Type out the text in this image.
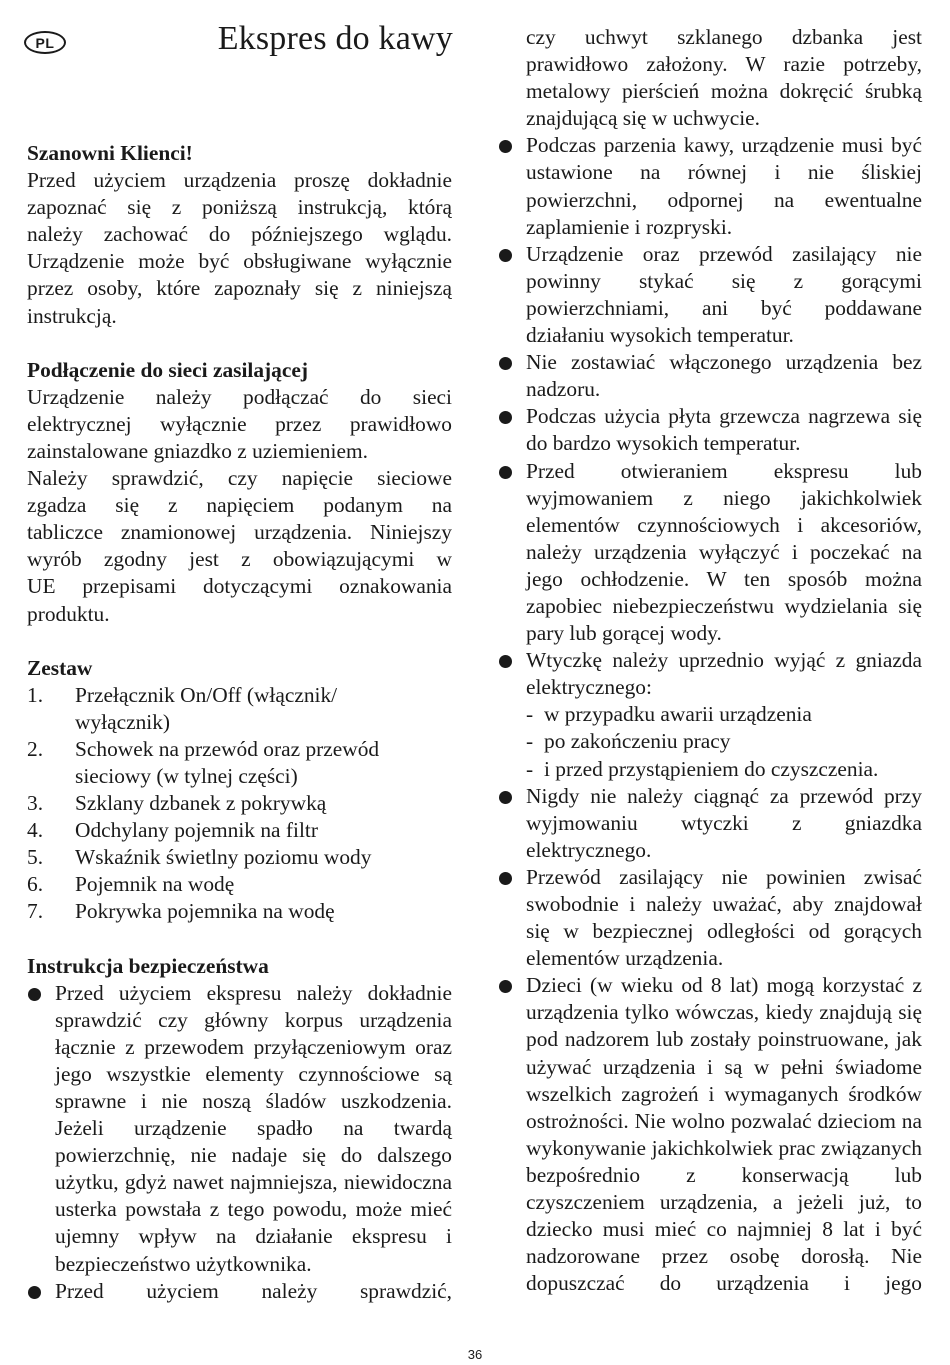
PL	Ekspres do kawy
Szanowni Klienci!
Przed użyciem urządzenia proszę dokładnie
zapoznać się z poniższą instrukcją, którą
należy zachować do późniejszego wglądu.
Urządzenie może być obsługiwane wyłącznie
przez osoby, które zapoznały się z niniejszą
instrukcją.
Podłączenie do sieci zasilającej
Urządzenie należy podłączać do sieci
elektrycznej wyłącznie przez prawidłowo
zainstalowane gniazdko z uziemieniem.
Należy sprawdzić, czy napięcie sieciowe
zgadza się z napięciem podanym na
tabliczce znamionowej urządzenia. Niniejszy
wyrób zgodny jest z obowiązującymi w
UE przepisami dotyczącymi oznakowania
produktu.
Zestaw
1.	Przełącznik On/Off (włącznik/ wyłącznik)
2.	Schowek na przewód oraz przewód sieciowy (w tylnej części)
3.	Szklany dzbanek z pokrywką
4.	Odchylany pojemnik na filtr
5.	Wskaźnik świetlny poziomu wody
6.	Pojemnik na wodę
7.	Pokrywka pojemnika na wodę
Instrukcja bezpieczeństwa
Przed użyciem ekspresu należy dokładnie sprawdzić czy główny korpus urządzenia łącznie z przewodem przyłączeniowym oraz jego wszystkie elementy czynnościowe są sprawne i nie noszą śladów uszkodzenia. Jeżeli urządzenie spadło na twardą powierzchnię, nie nadaje się do dalszego użytku, gdyż nawet najmniejsza, niewidoczna usterka powstała z tego powodu, może mieć ujemny wpływ na działanie ekspresu i bezpieczeństwo użytkownika.
Przed użyciem należy sprawdzić,
czy uchwyt szklanego dzbanka jest prawidłowo założony. W razie potrzeby, metalowy pierścień można dokręcić śrubką znajdującą się w uchwycie.
Podczas parzenia kawy, urządzenie musi być ustawione na równej i nie śliskiej powierzchni, odpornej na ewentualne zaplamienie i rozpryski.
Urządzenie oraz przewód zasilający nie powinny stykać się z gorącymi powierzchniami, ani być poddawane działaniu wysokich temperatur.
Nie zostawiać włączonego urządzenia bez nadzoru.
Podczas użycia płyta grzewcza nagrzewa się do bardzo wysokich temperatur.
Przed otwieraniem ekspresu lub wyjmowaniem z niego jakichkolwiek elementów czynnościowych i akcesoriów, należy urządzenia wyłączyć i poczekać na jego ochłodzenie. W ten sposób można zapobiec niebezpieczeństwu wydzielania się pary lub gorącej wody.
Wtyczkę należy uprzednio wyjąć z gniazda elektrycznego:
- w przypadku awarii urządzenia
- po zakończeniu pracy
- i przed przystąpieniem do czyszczenia.
Nigdy nie należy ciągnąć za przewód przy wyjmowaniu wtyczki z gniazdka elektrycznego.
Przewód zasilający nie powinien zwisać swobodnie i należy uważać, aby znajdował się w bezpiecznej odległości od gorących elementów urządzenia.
Dzieci (w wieku od 8 lat) mogą korzystać z urządzenia tylko wówczas, kiedy znajdują się pod nadzorem lub zostały poinstruowane, jak używać urządzenia i są w pełni świadome wszelkich zagrożeń i wymaganych środków ostrożności. Nie wolno pozwalać dzieciom na wykonywanie jakichkolwiek prac związanych bezpośrednio z konserwacją lub czyszczeniem urządzenia, a jeżeli już, to dziecko musi mieć co najmniej 8 lat i być nadzorowane przez osobę dorosłą. Nie dopuszczać do urządzenia i jego
36
